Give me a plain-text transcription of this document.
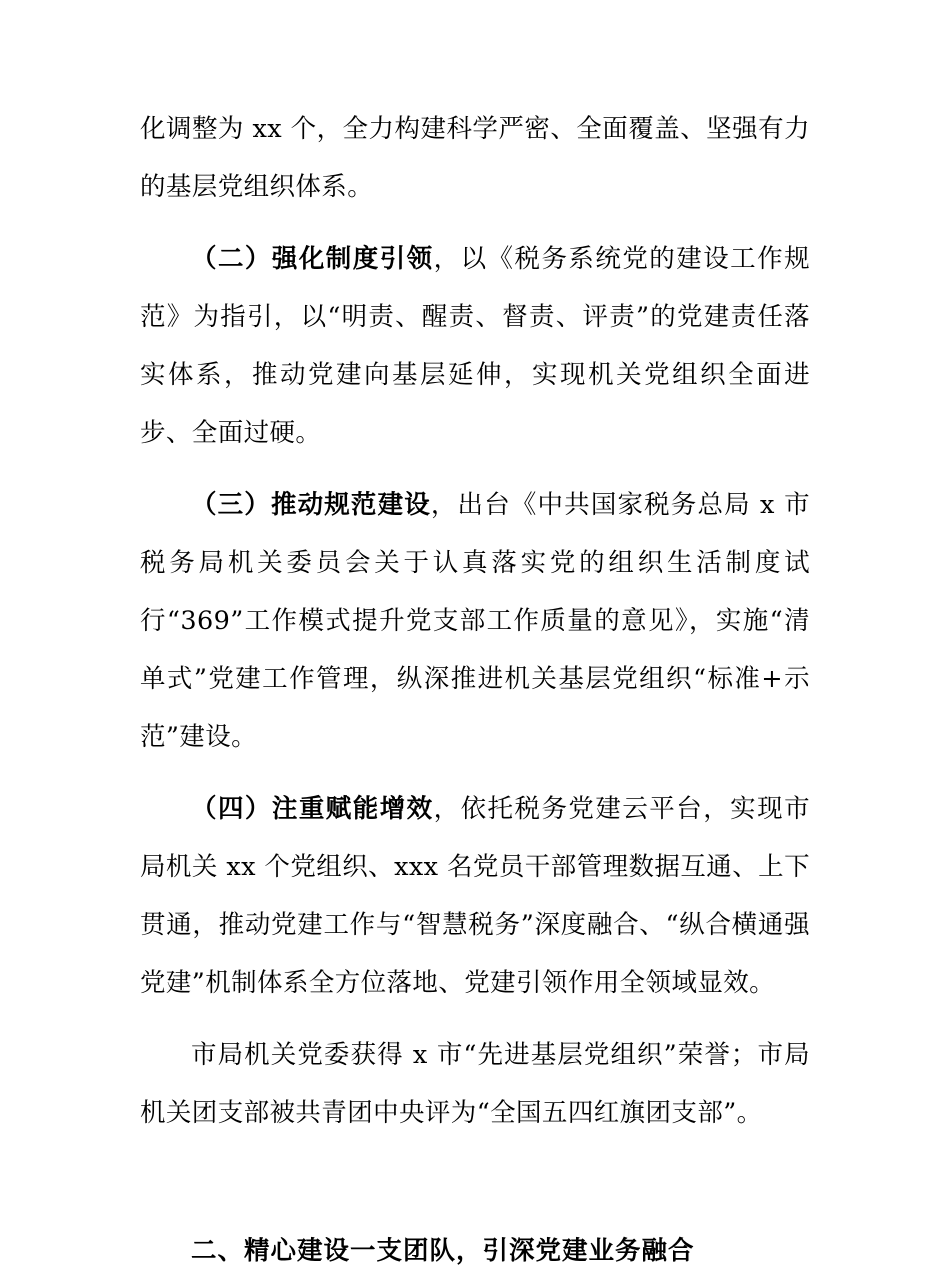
化调整为 xx 个，全力构建科学严密、全面覆盖、坚强有力的基层党组织体系。

（二）强化制度引领，以《税务系统党的建设工作规范》为指引，以“明责、醒责、督责、评责”的党建责任落实体系，推动党建向基层延伸，实现机关党组织全面进步、全面过硬。

（三）推动规范建设，出台《中共国家税务总局 x 市税务局机关委员会关于认真落实党的组织生活制度试行“369”工作模式提升党支部工作质量的意见》，实施“清单式”党建工作管理，纵深推进机关基层党组织“标准+示范”建设。

（四）注重赋能增效，依托税务党建云平台，实现市局机关 xx 个党组织、xxx 名党员干部管理数据互通、上下贯通，推动党建工作与“智慧税务”深度融合、“纵合横通强党建”机制体系全方位落地、党建引领作用全领域显效。

市局机关党委获得 x 市“先进基层党组织”荣誉；市局机关团支部被共青团中央评为“全国五四红旗团支部”。

二、精心建设一支团队，引深党建业务融合
